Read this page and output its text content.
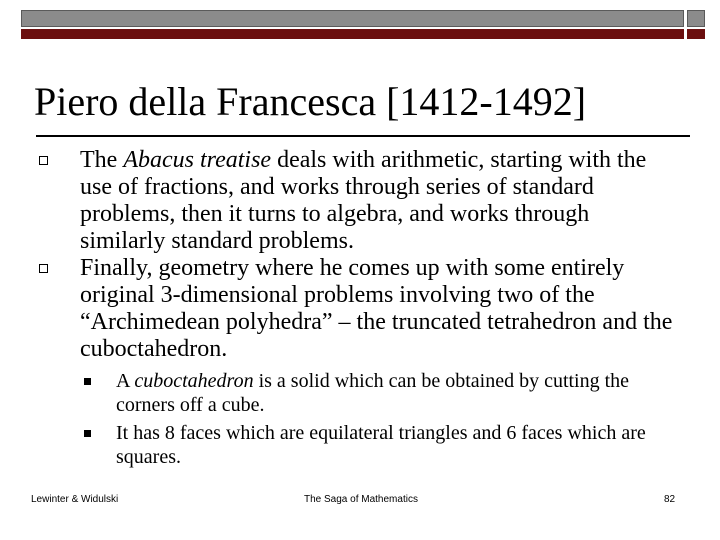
Piero della Francesca [1412-1492]
The Abacus treatise deals with arithmetic, starting with the use of fractions, and works through series of standard problems, then it turns to algebra, and works through similarly standard problems.
Finally, geometry where he comes up with some entirely original 3-dimensional problems involving two of the “Archimedean polyhedra” – the truncated tetrahedron and the cuboctahedron.
A cuboctahedron is a solid which can be obtained by cutting the corners off a cube.
It has 8 faces which are equilateral triangles and 6 faces which are squares.
Lewinter & Widulski	The Saga of Mathematics	82
